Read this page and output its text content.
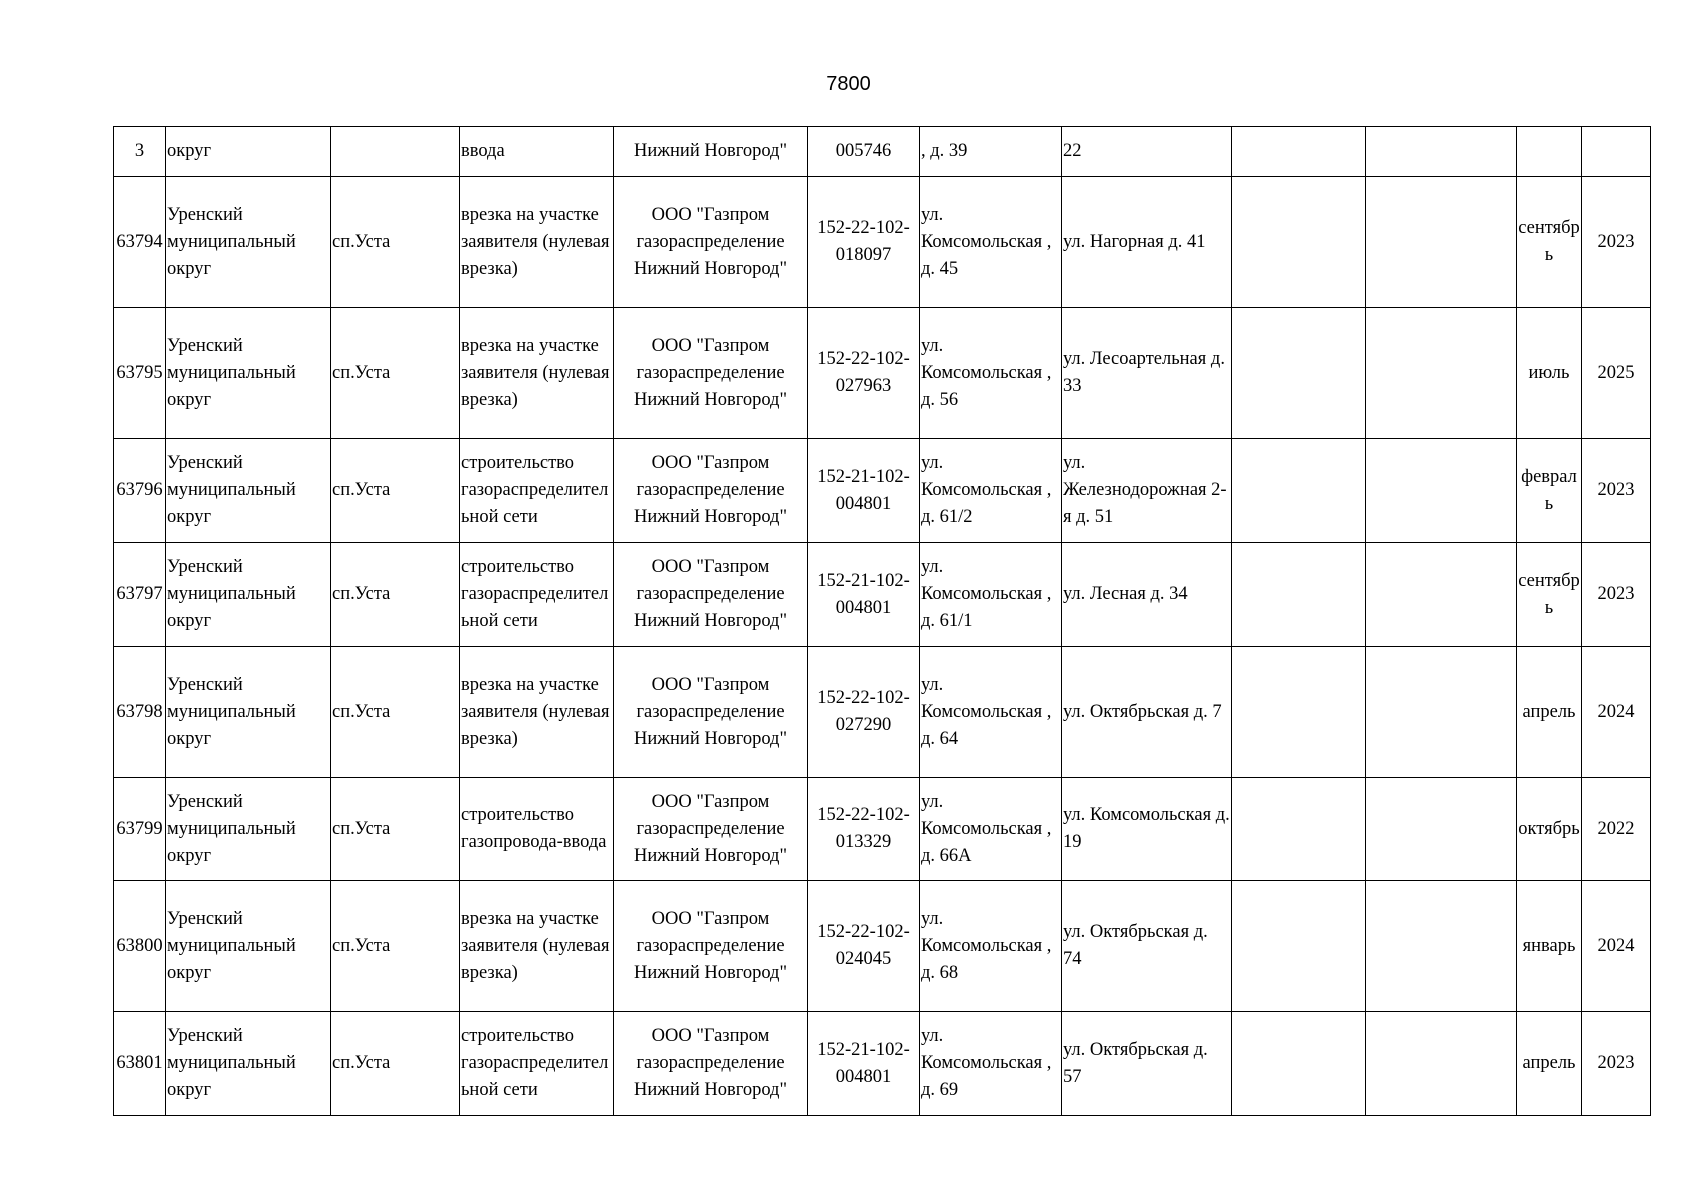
7800
3	округ		ввода	Нижний Новгород"	005746	, д. 39	22				
63794	Уренский муниципальный округ	сп.Уста	врезка на участке заявителя (нулевая врезка)	ООО "Газпром газораспределение Нижний Новгород"	152-22-102-018097	ул. Комсомольская , д. 45	ул. Нагорная д. 41			сентябрь	2023
63795	Уренский муниципальный округ	сп.Уста	врезка на участке заявителя (нулевая врезка)	ООО "Газпром газораспределение Нижний Новгород"	152-22-102-027963	ул. Комсомольская , д. 56	ул. Лесоартельная д. 33			июль	2025
63796	Уренский муниципальный округ	сп.Уста	строительство газораспределительной сети	ООО "Газпром газораспределение Нижний Новгород"	152-21-102-004801	ул. Комсомольская , д. 61/2	ул. Железнодорожная 2-я д. 51			февраль	2023
63797	Уренский муниципальный округ	сп.Уста	строительство газораспределительной сети	ООО "Газпром газораспределение Нижний Новгород"	152-21-102-004801	ул. Комсомольская , д. 61/1	ул. Лесная д. 34			сентябрь	2023
63798	Уренский муниципальный округ	сп.Уста	врезка на участке заявителя (нулевая врезка)	ООО "Газпром газораспределение Нижний Новгород"	152-22-102-027290	ул. Комсомольская , д. 64	ул. Октябрьская д. 7			апрель	2024
63799	Уренский муниципальный округ	сп.Уста	строительство газопровода-ввода	ООО "Газпром газораспределение Нижний Новгород"	152-22-102-013329	ул. Комсомольская , д. 66А	ул. Комсомольская д. 19			октябрь	2022
63800	Уренский муниципальный округ	сп.Уста	врезка на участке заявителя (нулевая врезка)	ООО "Газпром газораспределение Нижний Новгород"	152-22-102-024045	ул. Комсомольская , д. 68	ул. Октябрьская д. 74			январь	2024
63801	Уренский муниципальный округ	сп.Уста	строительство газораспределительной сети	ООО "Газпром газораспределение Нижний Новгород"	152-21-102-004801	ул. Комсомольская , д. 69	ул. Октябрьская д. 57			апрель	2023
